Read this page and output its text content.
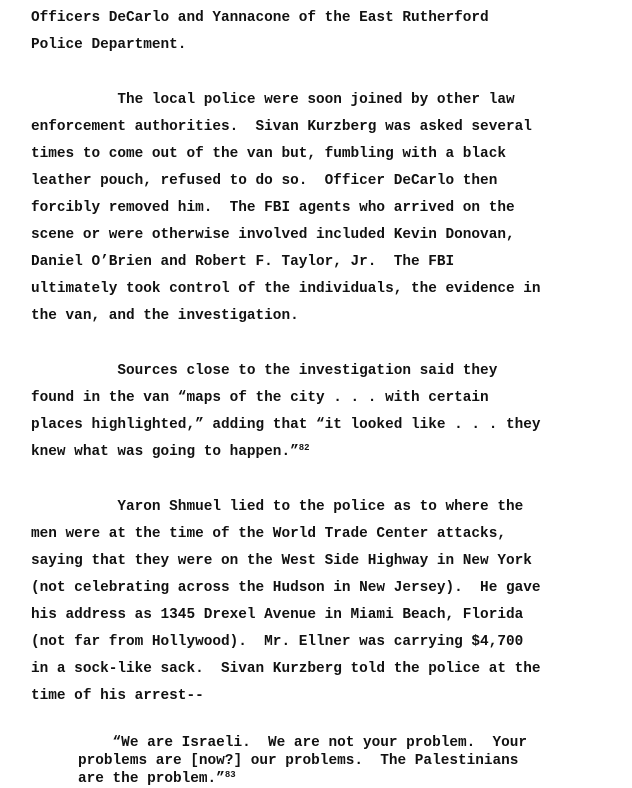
Officers DeCarlo and Yannacone of the East Rutherford
Police Department.
The local police were soon joined by other law
enforcement authorities.  Sivan Kurzberg was asked several
times to come out of the van but, fumbling with a black
leather pouch, refused to do so.  Officer DeCarlo then
forcibly removed him.  The FBI agents who arrived on the
scene or were otherwise involved included Kevin Donovan,
Daniel O’Brien and Robert F. Taylor, Jr.  The FBI
ultimately took control of the individuals, the evidence in
the van, and the investigation.
Sources close to the investigation said they
found in the van “maps of the city . . . with certain
places highlighted,” adding that “it looked like . . . they
knew what was going to happen.”$^{82}$
Yaron Shmuel lied to the police as to where the
men were at the time of the World Trade Center attacks,
saying that they were on the West Side Highway in New York
(not celebrating across the Hudson in New Jersey).  He gave
his address as 1345 Drexel Avenue in Miami Beach, Florida
(not far from Hollywood).  Mr. Ellner was carrying $4,700
in a sock-like sack.  Sivan Kurzberg told the police at the
time of his arrest--
“We are Israeli.  We are not your problem.  Your
problems are [now?] our problems.  The Palestinians
are the problem.”$^{83}$
